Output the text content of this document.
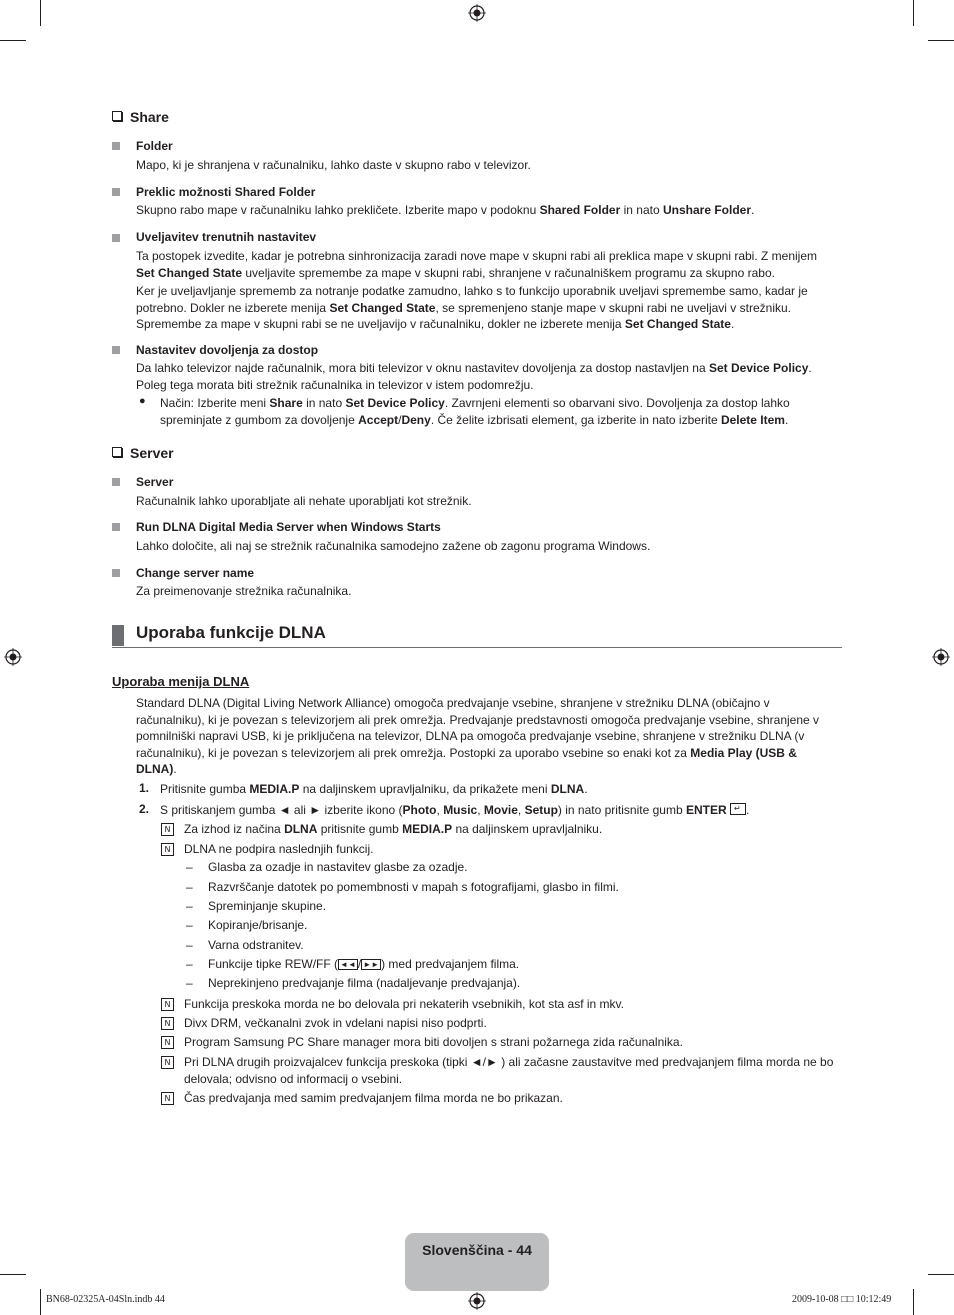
Share
Folder
Mapo, ki je shranjena v računalniku, lahko daste v skupno rabo v televizor.
Preklic možnosti Shared Folder
Skupno rabo mape v računalniku lahko prekličete. Izberite mapo v podoknu Shared Folder in nato Unshare Folder.
Uveljavitev trenutnih nastavitev
Ta postopek izvedite, kadar je potrebna sinhronizacija zaradi nove mape v skupni rabi ali preklica mape v skupni rabi. Z menijem Set Changed State uveljavite spremembe za mape v skupni rabi, shranjene v računalniškem programu za skupno rabo.
Ker je uveljavljanje sprememb za notranje podatke zamudno, lahko s to funkcijo uporabnik uveljavi spremembe samo, kadar je potrebno. Dokler ne izberete menija Set Changed State, se spremenjeno stanje mape v skupni rabi ne uveljavi v strežniku. Spremembe za mape v skupni rabi se ne uveljavijo v računalniku, dokler ne izberete menija Set Changed State.
Nastavitev dovoljenja za dostop
Da lahko televizor najde računalnik, mora biti televizor v oknu nastavitev dovoljenja za dostop nastavljen na Set Device Policy. Poleg tega morata biti strežnik računalnika in televizor v istem podomrežju.
● Način: Izberite meni Share in nato Set Device Policy. Zavrnjeni elementi so obarvani sivo. Dovoljenja za dostop lahko spreminjate z gumbom za dovoljenje Accept/Deny. Če želite izbrisati element, ga izberite in nato izberite Delete Item.
Server
Server
Računalnik lahko uporabljate ali nehate uporabljati kot strežnik.
Run DLNA Digital Media Server when Windows Starts
Lahko določite, ali naj se strežnik računalnika samodejno zažene ob zagonu programa Windows.
Change server name
Za preimenovanje strežnika računalnika.
Uporaba funkcije DLNA
Uporaba menija DLNA
Standard DLNA (Digital Living Network Alliance) omogoča predvajanje vsebine, shranjene v strežniku DLNA (običajno v računalniku), ki je povezan s televizorjem ali prek omrežja. Predvajanje predstavnosti omogoča predvajanje vsebine, shranjene v pomnilniški napravi USB, ki je priključena na televizor, DLNA pa omogoča predvajanje vsebine, shranjene v strežniku DLNA (v računalniku), ki je povezan s televizorjem ali prek omrežja. Postopki za uporabo vsebine so enaki kot za Media Play (USB & DLNA).
1. Pritisnite gumba MEDIA.P na daljinskem upravljalniku, da prikažete meni DLNA.
2. S pritiskanjem gumba ◄ ali ► izberite ikono (Photo, Music, Movie, Setup) in nato pritisnite gumb ENTER ↵ .
N Za izhod iz načina DLNA pritisnite gumb MEDIA.P na daljinskem upravljalniku.
N DLNA ne podpira naslednjih funkcij.
– Glasba za ozadje in nastavitev glasbe za ozadje.
– Razvrščanje datotek po pomembnosti v mapah s fotografijami, glasbo in filmi.
– Spreminjanje skupine.
– Kopiranje/brisanje.
– Varna odstranitev.
– Funkcije tipke REW/FF ( ◄◄ / ►► ) med predvajanjem filma.
– Neprekinjeno predvajanje filma (nadaljevanje predvajanja).
N Funkcija preskoka morda ne bo delovala pri nekaterih vsebnikih, kot sta asf in mkv.
N Divx DRM, večkanalni zvok in vdelani napisi niso podprti.
N Program Samsung PC Share manager mora biti dovoljen s strani požarnega zida računalnika.
N Pri DLNA drugih proizvajalcev funkcija preskoka (tipki ◄/► ) ali začasne zaustavitve med predvajanjem filma morda ne bo delovala; odvisno od informacij o vsebini.
N Čas predvajanja med samim predvajanjem filma morda ne bo prikazan.
Slovenščina - 44
BN68-02325A-04Sln.indb 44	2009-10-08 □□ 10:12:49
